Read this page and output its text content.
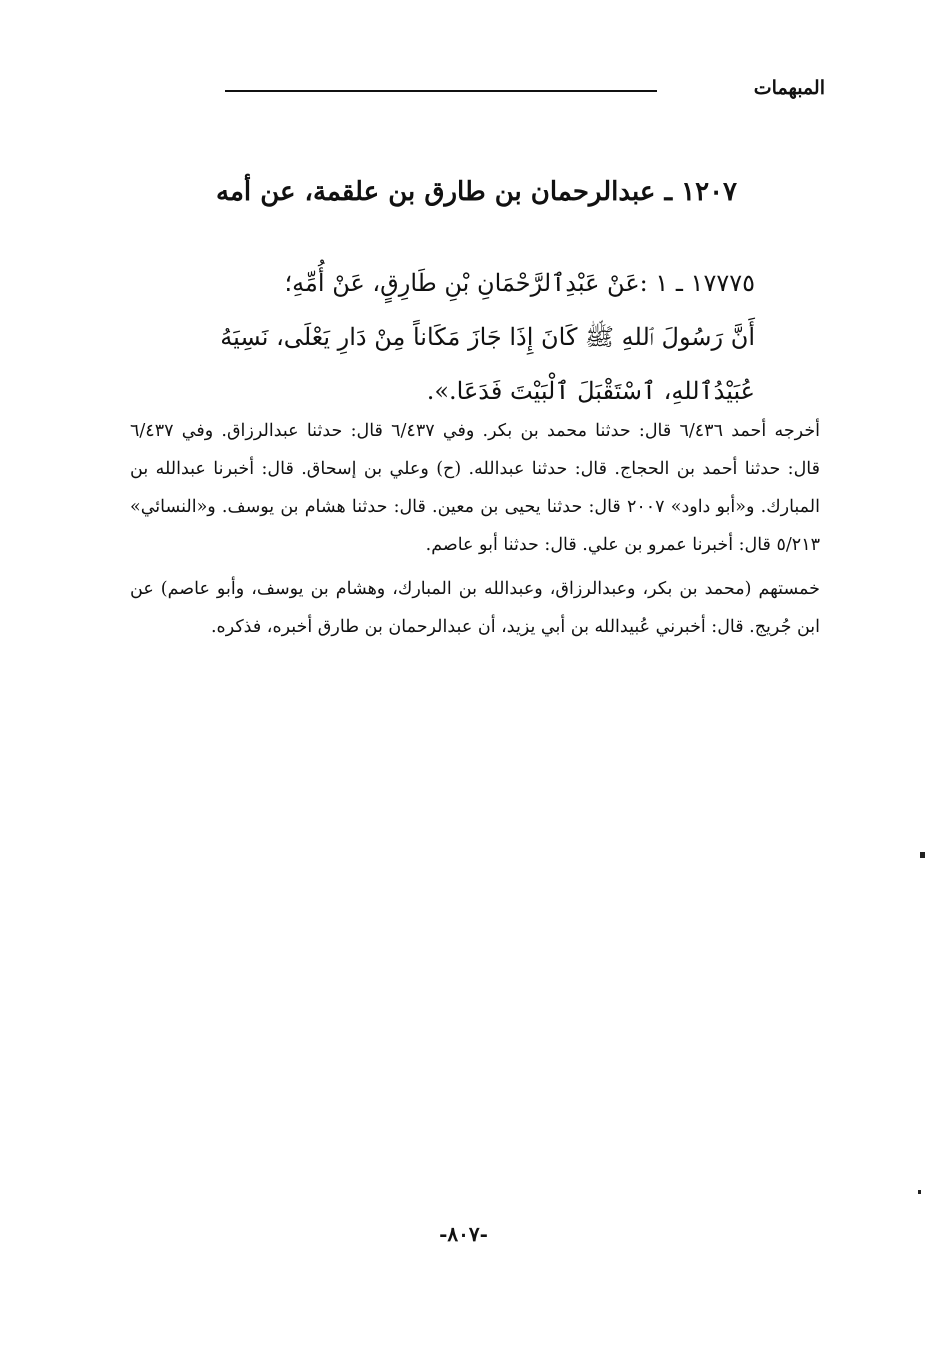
المبهمات
١٢٠٧ ـ عبدالرحمان بن طارق بن علقمة، عن أمه
١٧٧٧٥ ـ ١ :عَنْ عَبْدِٱلرَّحْمَانِ بْنِ طَارِقٍ، عَنْ أُمِّهِ؛
أَنَّ رَسُولَ ٱللهِ ﷺ كَانَ إِذَا جَازَ مَكَاناً مِنْ دَارِ يَعْلَى، نَسِيَهُ
عُبَيْدُٱللهِ، ٱسْتَقْبَلَ ٱلْبَيْتَ فَدَعَا.».

أخرجه أحمد ٦/٤٣٦ قال: حدثنا محمد بن بكر. وفي ٦/٤٣٧ قال: حدثنا عبدالرزاق. وفي ٦/٤٣٧ قال: حدثنا أحمد بن الحجاج. قال: حدثنا عبدالله. (ح) وعلي بن إسحاق. قال: أخبرنا عبدالله بن المبارك. و«أبو داود» ٢٠٠٧ قال: حدثنا يحيى بن معين. قال: حدثنا هشام بن يوسف. و«النسائي» ٥/٢١٣ قال: أخبرنا عمرو بن علي. قال: حدثنا أبو عاصم.

خمستهم (محمد بن بكر، وعبدالرزاق، وعبدالله بن المبارك، وهشام بن يوسف، وأبو عاصم) عن ابن جُريج. قال: أخبرني عُبيدالله بن أبي يزيد، أن عبدالرحمان بن طارق أخبره، فذكره.

-٨٠٧-
